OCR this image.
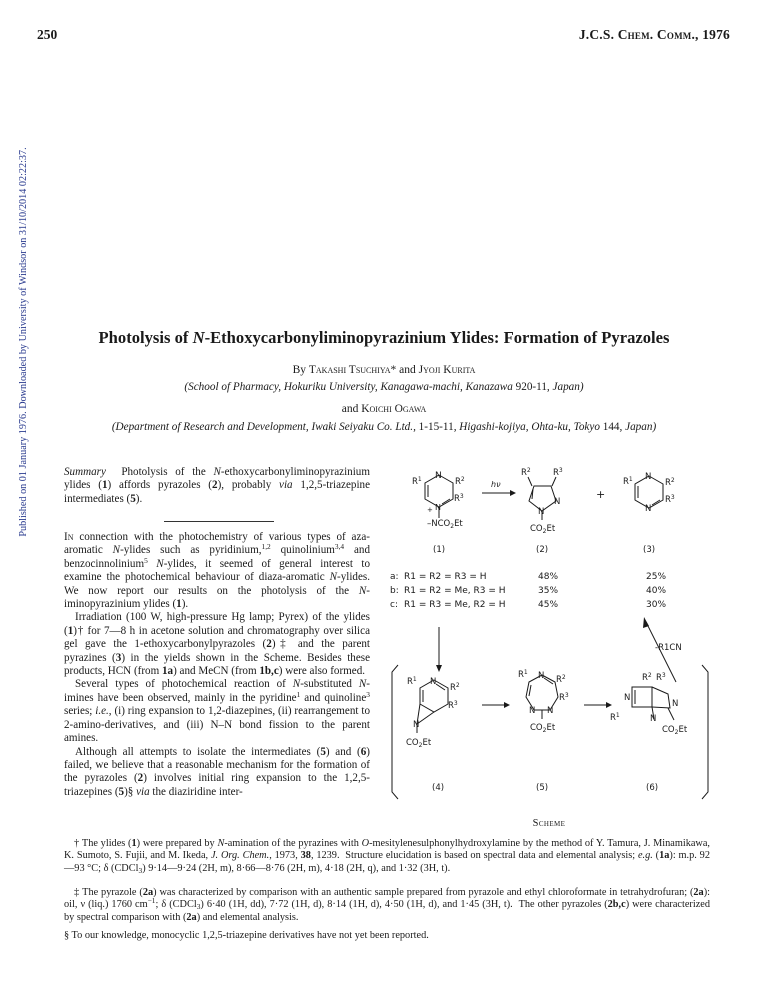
Published on 01 January 1976. Downloaded by University of Windsor on 31/10/2014 02:22:37.
250	J.C.S. Chem. Comm., 1976
Photolysis of N-Ethoxycarbonyliminopyrazinium Ylides: Formation of Pyrazoles
By Takashi Tsuchiya* and Jyoji Kurita
(School of Pharmacy, Hokuriku University, Kanagawa-machi, Kanazawa 920-11, Japan)
and Koichi Ogawa
(Department of Research and Development, Iwaki Seiyaku Co. Ltd., 1-15-11, Higashi-kojiya, Ohta-ku, Tokyo 144, Japan)
Summary  Photolysis of the N-ethoxycarbonyliminopyrazinium ylides (1) affords pyrazoles (2), probably via 1,2,5-triazepine intermediates (5).

In connection with the photochemistry of various types of aza-aromatic N-ylides such as pyridinium,$^{1,2}$ quinolinium$^{3,4}$ and benzocinnolinium$^5$ N-ylides, it seemed of general interest to examine the photochemical behaviour of diaza-aromatic N-ylides. We now report our results on the photolysis of the N-iminopyrazinium ylides (1).

Irradiation (100 W, high-pressure Hg lamp; Pyrex) of the ylides (1)† for 7—8 h in acetone solution and chromatography over silica gel gave the 1-ethoxycarbonylpyrazoles (2)‡ and the parent pyrazines (3) in the yields shown in the Scheme. Besides these products, HCN (from 1a) and MeCN (from 1b,c) were also formed.

Several types of photochemical reaction of N-substituted N-imines have been observed, mainly in the pyridine$^1$ and quinoline$^3$ series; i.e., (i) ring expansion to 1,2-diazepines, (ii) rearrangement to 2-amino-derivatives, and (iii) N–N bond fission to the parent amines.

Although all attempts to isolate the intermediates (5) and (6) failed, we believe that a reasonable mechanism for the formation of the pyrazoles (2) involves initial ring expansion to the 1,2,5-triazepines (5)§ via the diaziridine inter-

N
N
$R^1$	$R^2$
$R^3$
+
$-NCO_2Et$
hν
$R^2$	$R^3$
N
N
$CO_2Et$
+
N
N
$R^1$	$R^2$
$R^3$
(1)	(2)	(3)
a: R1 = R2 = R3 = H	48%	25%
b: R1 = R2 = Me, R3 = H	35%	40%
c: R1 = R3 = Me, R2 = H	45%	30%
-R1CN
N
$R^1$
$R^2$
$R^3$
N
$CO_2Et$
N
$R^1$
$R^2$
$R^3$
N N
$CO_2Et$
N
$R^2$ $R^3$
N
N
$R^1$
$CO_2Et$
(4)	(5)	(6)
Scheme

† The ylides (1) were prepared by N-amination of the pyrazines with O-mesitylenesulphonylhydroxylamine by the method of Y. Tamura, J. Minamikawa, K. Sumoto, S. Fujii, and M. Ikeda, J. Org. Chem., 1973, 38, 1239.  Structure elucidation is based on spectral data and elemental analysis; e.g. (1a): m.p. 92—93 °C; δ (CDCl$_3$) 9·14—9·24 (2H, m), 8·66—8·76 (2H, m), 4·18 (2H, q), and 1·32 (3H, t).

‡ The pyrazole (2a) was characterized by comparison with an authentic sample prepared from pyrazole and ethyl chloroformate in tetrahydrofuran; (2a): oil, ν (liq.) 1760 $cm^{-1}$; δ (CDCl$_3$) 6·40 (1H, dd), 7·72 (1H, d), 8·14 (1H, d), 4·50 (1H, d), and 1·45 (3H, t).  The other pyrazoles (2b,c) were characterized by spectral comparison with (2a) and elemental analysis.

§ To our knowledge, monocyclic 1,2,5-triazepine derivatives have not yet been reported.
